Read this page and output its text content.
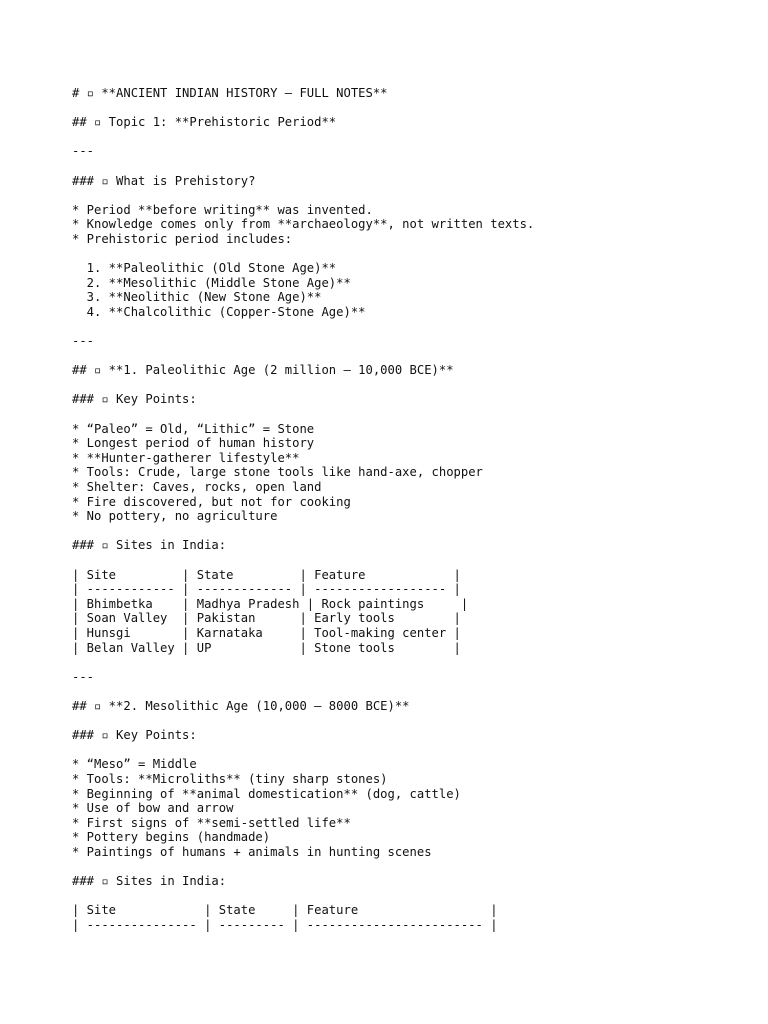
# ▫ **ANCIENT INDIAN HISTORY – FULL NOTES**
## ▫ Topic 1: **Prehistoric Period**
---
### ▫ What is Prehistory?
* Period **before writing** was invented.
* Knowledge comes only from **archaeology**, not written texts.
* Prehistoric period includes:
1. **Paleolithic (Old Stone Age)**
2. **Mesolithic (Middle Stone Age)**
3. **Neolithic (New Stone Age)**
4. **Chalcolithic (Copper-Stone Age)**
---
## ▫ **1. Paleolithic Age (2 million – 10,000 BCE)**
### ▫ Key Points:
* “Paleo” = Old, “Lithic” = Stone
* Longest period of human history
* **Hunter-gatherer lifestyle**
* Tools: Crude, large stone tools like hand-axe, chopper
* Shelter: Caves, rocks, open land
* Fire discovered, but not for cooking
* No pottery, no agriculture
### ▫ Sites in India:
| Site         | State         | Feature            |
| ------------ | ------------- | ------------------ |
| Bhimbetka    | Madhya Pradesh | Rock paintings     |
| Soan Valley  | Pakistan      | Early tools        |
| Hunsgi       | Karnataka     | Tool-making center |
| Belan Valley | UP            | Stone tools        |
---
## ▫ **2. Mesolithic Age (10,000 – 8000 BCE)**
### ▫ Key Points:
* “Meso” = Middle
* Tools: **Microliths** (tiny sharp stones)
* Beginning of **animal domestication** (dog, cattle)
* Use of bow and arrow
* First signs of **semi-settled life**
* Pottery begins (handmade)
* Paintings of humans + animals in hunting scenes
### ▫ Sites in India:
| Site            | State     | Feature                  |
| --------------- | --------- | ------------------------ |
